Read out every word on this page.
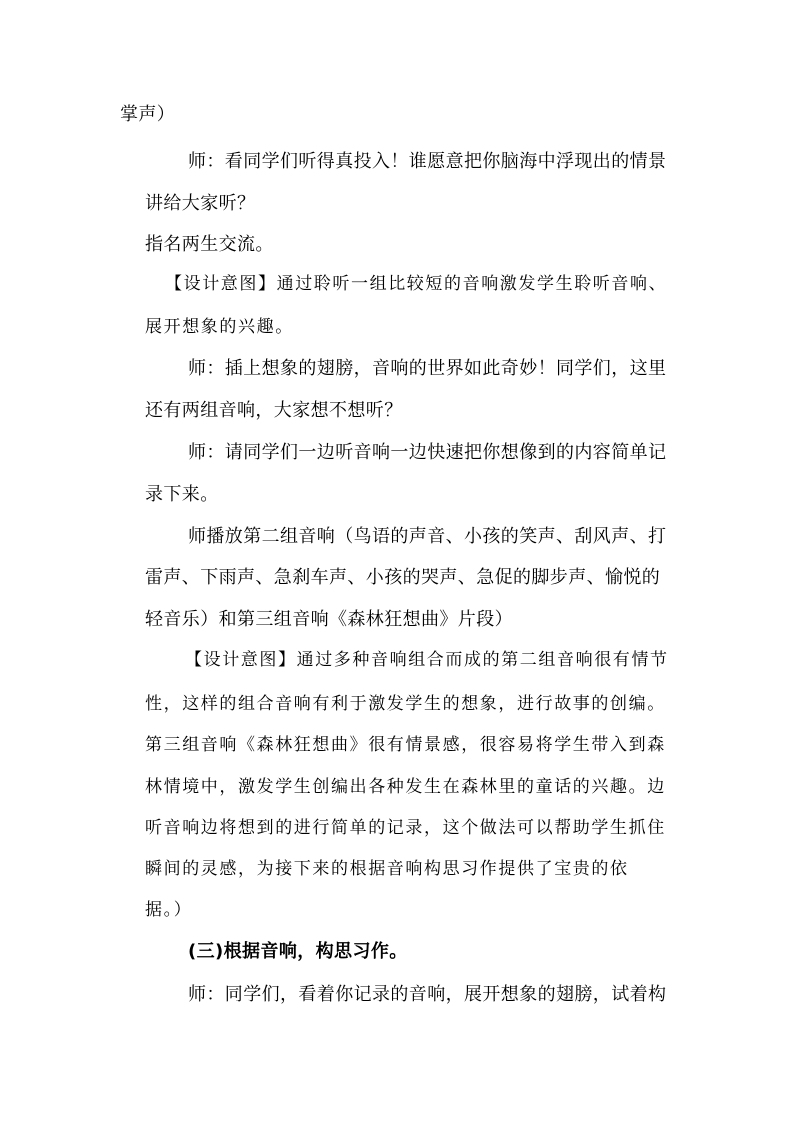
掌声）
师：看同学们听得真投入！谁愿意把你脑海中浮现出的情景
讲给大家听？
指名两生交流。
【设计意图】通过聆听一组比较短的音响激发学生聆听音响、
展开想象的兴趣。
师：插上想象的翅膀，音响的世界如此奇妙！同学们，这里
还有两组音响，大家想不想听？
师：请同学们一边听音响一边快速把你想像到的内容简单记
录下来。
师播放第二组音响（鸟语的声音、小孩的笑声、刮风声、打
雷声、下雨声、急刹车声、小孩的哭声、急促的脚步声、愉悦的
轻音乐）和第三组音响《森林狂想曲》片段）
【设计意图】通过多种音响组合而成的第二组音响很有情节
性，这样的组合音响有利于激发学生的想象，进行故事的创编。
第三组音响《森林狂想曲》很有情景感，很容易将学生带入到森
林情境中，激发学生创编出各种发生在森林里的童话的兴趣。边
听音响边将想到的进行简单的记录，这个做法可以帮助学生抓住
瞬间的灵感，为接下来的根据音响构思习作提供了宝贵的依
据。）
(三)根据音响，构思习作。
师：同学们，看着你记录的音响，展开想象的翅膀，试着构
